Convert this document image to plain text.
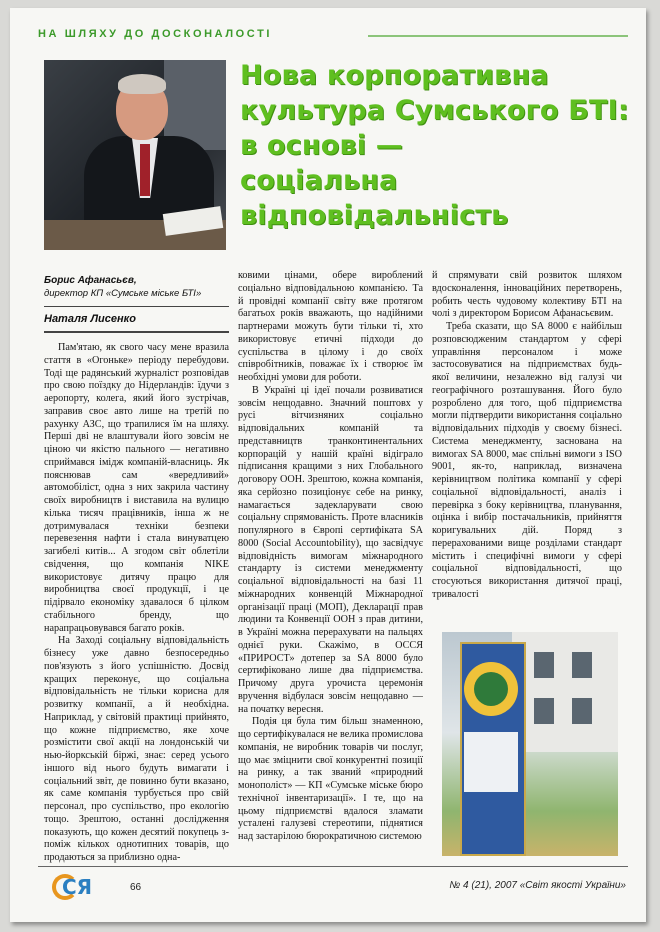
НА ШЛЯХУ ДО ДОСКОНАЛОСТІ
Борис Афанасьєв,
директор КП «Сумське міське БТІ»
Наталя Лисенко
Нова корпоративна
культура Сумського БТІ:
в основі —
соціальна
відповідальність

Пам'ятаю, як свого часу мене вразила стаття в «Огоньке» періоду перебудови. Тоді ще радянський журналіст розповідав про свою поїздку до Нідерландів: їдучи з аеропорту, колега, який його зустрічав, заправив своє авто лише на третій по рахунку АЗС, що трапилися їм на шляху. Перші дві не влаштували його зовсім не ціною чи якістю пального — негативно сприймався імідж компаній-власниць. Як пояснював сам «вередливий» автомобіліст, одна з них закрила частину своїх виробництв і виставила на вулицю кілька тисяч працівників, інша ж не дотримувалася техніки безпеки перевезення нафти і стала винуватцею загибелі китів... А згодом світ облетіли свідчення, що компанія NIKE використовує дитячу працю для виробництва своєї продукції, і це підірвало економіку здавалося б цілком стабільного бренду, що нарапрацьовувався багато років.

На Заході соціальну відповідальність бізнесу уже давно безпосередньо пов'язують з його успішністю. Досвід кращих переконує, що соціальна відповідальність не тільки корисна для розвитку компанії, а й необхідна. Наприклад, у світовій практиці прийнято, що кожне підприємство, яке хоче розмістити свої акції на лондонській чи нью-йоркській біржі, знає: серед усього іншого від нього будуть вимагати і соціальний звіт, де повинно бути вказано, як саме компанія турбується про свій персонал, про суспільство, про екологію тощо. Зрештою, останні дослідження показують, що кожен десятий покупець з-поміж кількох однотипних товарів, що продаються за приблизно одна-

ковими цінами, обере вироблений соціально відповідальною компанією. Та й провідні компанії світу вже протягом багатьох років вважають, що надійними партнерами можуть бути тільки ті, хто використовує етичні підходи до суспільства в цілому і до своїх співробітників, поважає їх і створює їм необхідні умови для роботи.

В Україні ці ідеї почали розвиватися зовсім нещодавно. Значний поштовх у русі вітчизняних соціально відповідальних компаній та представництв транконтинентальних корпорацій у нашій країні відіграло підписання кращими з них Глобального договору ООН. Зрештою, кожна компанія, яка серйозно позиціонує себе на ринку, намагається задекларувати свою соціальну спрямованість. Проте власників популярного в Європі сертифіката SA 8000 (Social Accountobility), що засвідчує відповідність вимогам міжнародного стандарту із системи менеджменту соціальної відповідальності на базі 11 міжнародних конвенцій Міжнародної організації праці (МОП), Декларації прав людини та Конвенції ООН з прав дитини, в Україні можна перерахувати на пальцях однієї руки. Скажімо, в ОССЯ «ПРИРОСТ» дотепер за SA 8000 було сертифіковано лише два підприємства. Причому друга урочиста церемонія вручення відбулася зовсім нещодавно — на початку вересня.

Подія ця була тим більш знаменною, що сертифікувалася не велика промислова компанія, не виробник товарів чи послуг, що має зміцнити свої конкурентні позиції на ринку, а так званий «природний монополіст» — КП «Сумське міське бюро технічної інвентаризації». І те, що на цьому підприємстві вдалося зламати усталені галузеві стереотипи, піднятися над застарілою бюрократичною системою

й спрямувати свій розвиток шляхом вдосконалення, інноваційних перетворень, робить честь чудовому колективу БТІ на чолі з директором Борисом Афанасьєвим.

Треба сказати, що SA 8000 є найбільш розповсюдженим стандартом у сфері управління персоналом і може застосовуватися на підприємствах будь-якої величини, незалежно від галузі чи географічного розташування. Його було розроблено для того, щоб підприємства могли підтвердити використання соціально відповідальних підходів у своєму бізнесі. Система менеджменту, заснована на вимогах SA 8000, має спільні вимоги з ISO 9001, як-то, наприклад, визначена керівництвом політика компанії у сфері соціальної відповідальності, аналіз і перевірка з боку керівництва, планування, оцінка і вибір постачальників, прийняття коригувальних дій. Поряд з перерахованими вище розділами стандарт містить і специфічні вимоги у сфері соціальної відповідальності, що стосуються використання дитячої праці, тривалості

СЯ	66	№ 4 (21), 2007 «Світ якості України»
